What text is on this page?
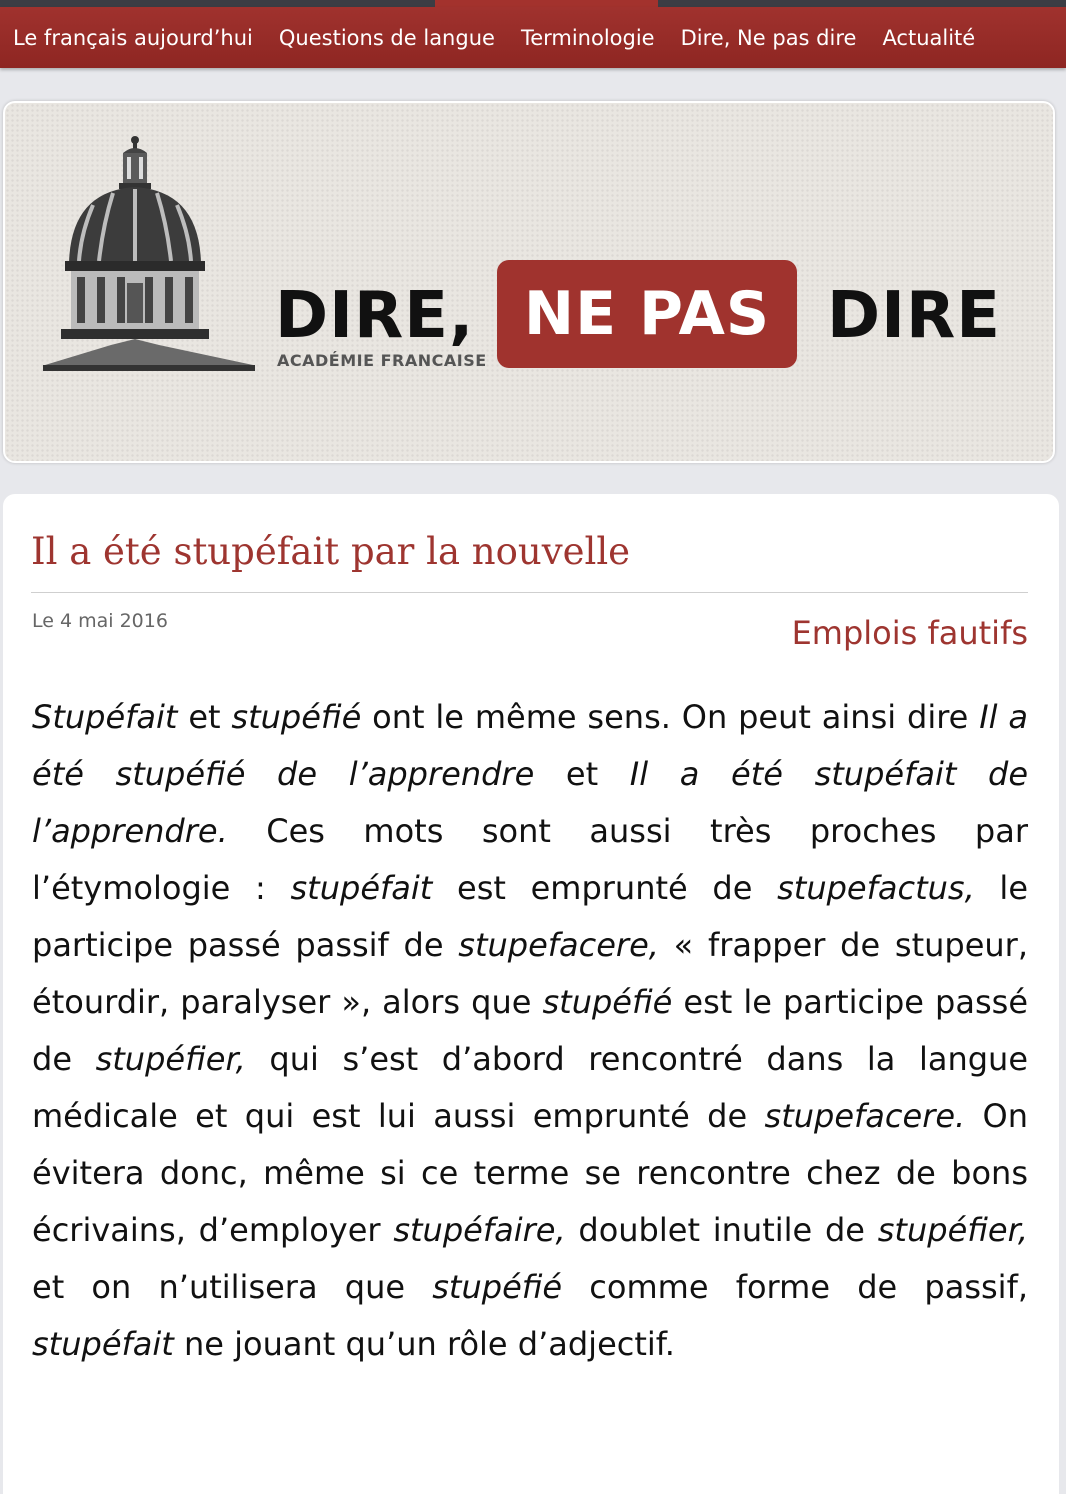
Le français aujourd’hui	Questions de langue	Terminologie	Dire, Ne pas dire	Actualité
DIRE,
ACADÉMIE FRANCAISE
NE PAS DIRE
Il a été stupéfait par la nouvelle
Le 4 mai 2016	Emplois fautifs

Stupéfait et stupéfié ont le même sens. On peut ainsi dire Il a été stupéfié de l’apprendre et Il a été stupéfait de l’apprendre. Ces mots sont aussi très proches par l’étymologie : stupéfait est emprunté de stupefactus, le participe passé passif de stupefacere, « frapper de stupeur, étourdir, paralyser », alors que stupéfié est le participe passé de stupéfier, qui s’est d’abord rencontré dans la langue médicale et qui est lui aussi emprunté de stupefacere. On évitera donc, même si ce terme se rencontre chez de bons écrivains, d’employer stupéfaire, doublet inutile de stupéfier, et on n’utilisera que stupéfié comme forme de passif, stupéfait ne jouant qu’un rôle d’adjectif.
